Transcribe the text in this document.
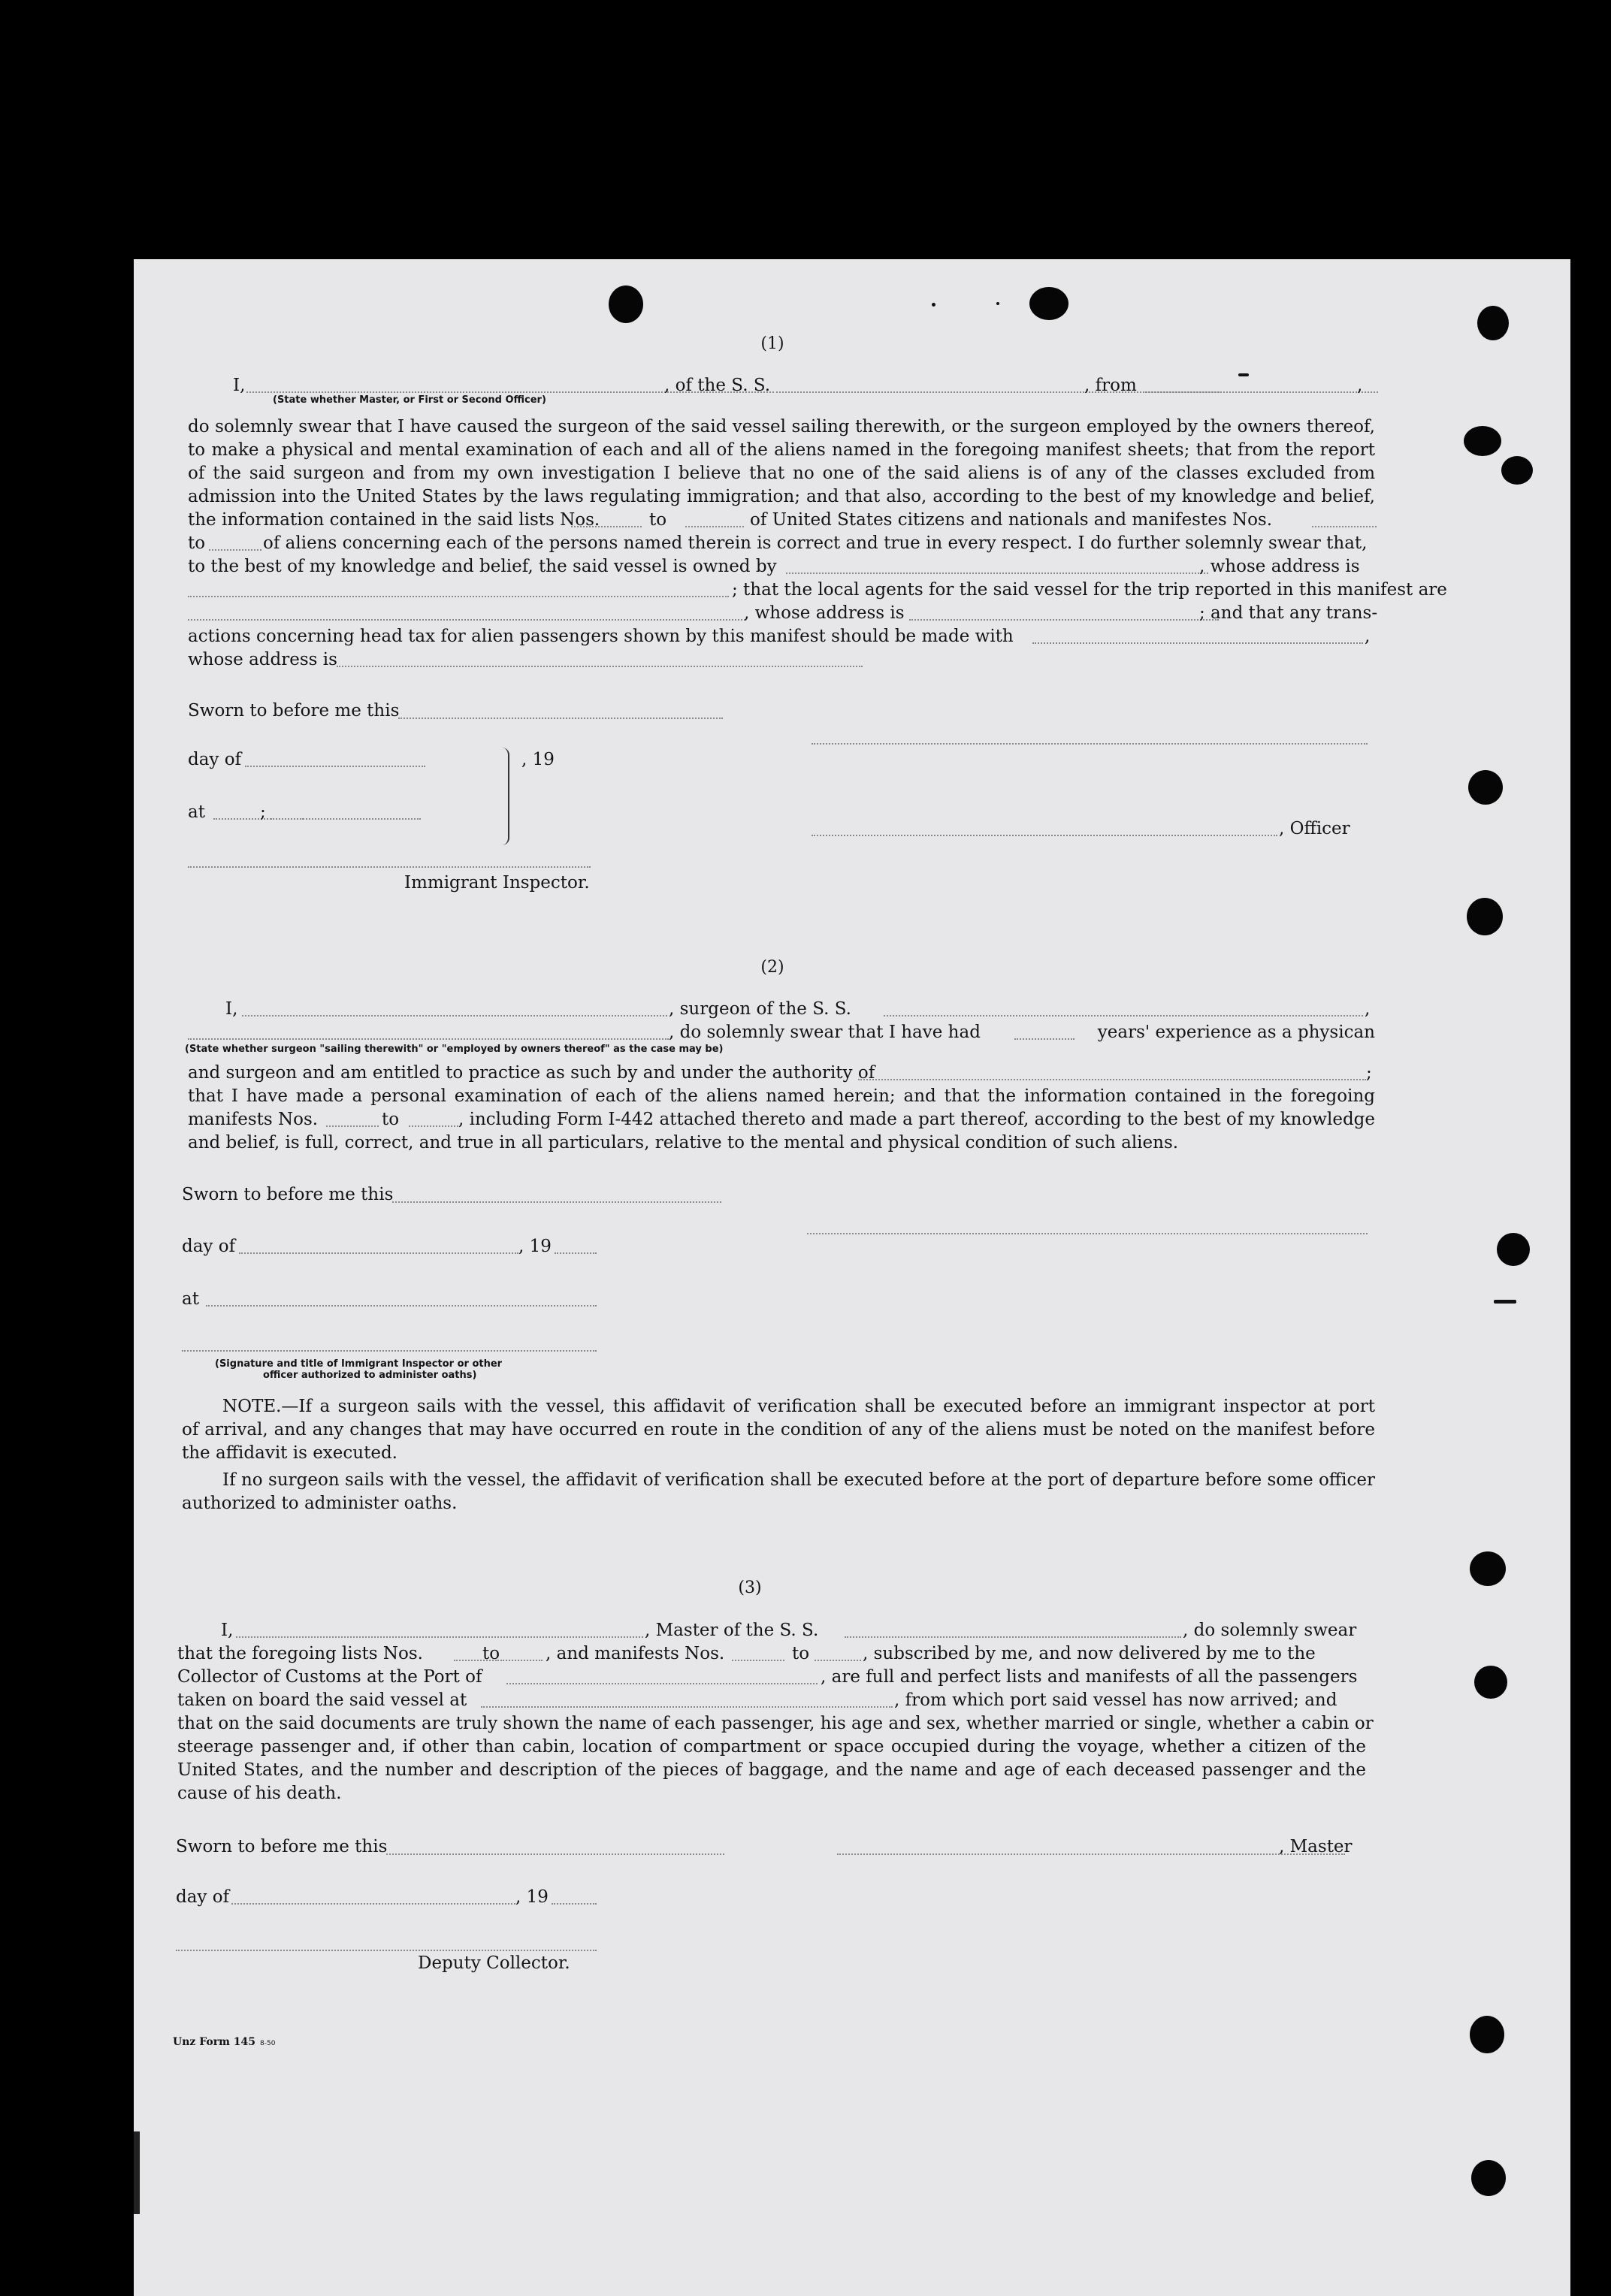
(1)
I,	, of the S. S.	, from	,
(State whether Master, or First or Second Officer)
do solemnly swear that I have caused the surgeon of the said vessel sailing therewith, or the surgeon employed by the owners thereof,
to make a physical and mental examination of each and all of the aliens named in the foregoing manifest sheets; that from the report
of the said surgeon and from my own investigation I believe that no one of the said aliens is of any of the classes excluded from
admission into the United States by the laws regulating immigration; and that also, according to the best of my knowledge and belief,
the information contained in the said lists Nos.	to	of United States citizens and nationals and manifestes Nos.
to	of aliens concerning each of the persons named therein is correct and true in every respect. I do further solemnly swear that,
to the best of my knowledge and belief, the said vessel is owned by	, whose address is
; that the local agents for the said vessel for the trip reported in this manifest are
, whose address is	; and that any trans-
actions concerning head tax for alien passengers shown by this manifest should be made with	,
whose address is
Sworn to before me this
day of	, 19
at	;
, Officer
Immigrant Inspector.
(2)
I,	, surgeon of the S. S.	,
, do solemnly swear that I have had	years' experience as a physican
(State whether surgeon "sailing therewith" or "employed by owners thereof" as the case may be)
and surgeon and am entitled to practice as such by and under the authority of	;
that I have made a personal examination of each of the aliens named herein; and that the information contained in the foregoing
manifests Nos.	to	, including Form I-442 attached thereto and made a part thereof, according to the best of my knowledge
and belief, is full, correct, and true in all particulars, relative to the mental and physical condition of such aliens.
Sworn to before me this
day of	, 19
at
(Signature and title of Immigrant Inspector or other
officer authorized to administer oaths)
NOTE.—If a surgeon sails with the vessel, this affidavit of verification shall be executed before an immigrant inspector at port
of arrival, and any changes that may have occurred en route in the condition of any of the aliens must be noted on the manifest before
the affidavit is executed.
If no surgeon sails with the vessel, the affidavit of verification shall be executed before at the port of departure before some officer
authorized to administer oaths.
(3)
I,	, Master of the S. S.	, do solemnly swear
that the foregoing lists Nos.	to	, and manifests Nos.	to	, subscribed by me, and now delivered by me to the
Collector of Customs at the Port of	, are full and perfect lists and manifests of all the passengers
taken on board the said vessel at	, from which port said vessel has now arrived; and
that on the said documents are truly shown the name of each passenger, his age and sex, whether married or single, whether a cabin or
steerage passenger and, if other than cabin, location of compartment or space occupied during the voyage, whether a citizen of the
United States, and the number and description of the pieces of baggage, and the name and age of each deceased passenger and the
cause of his death.
Sworn to before me this	, Master
day of	, 19
Deputy Collector.
Unz Form 145 8-50
